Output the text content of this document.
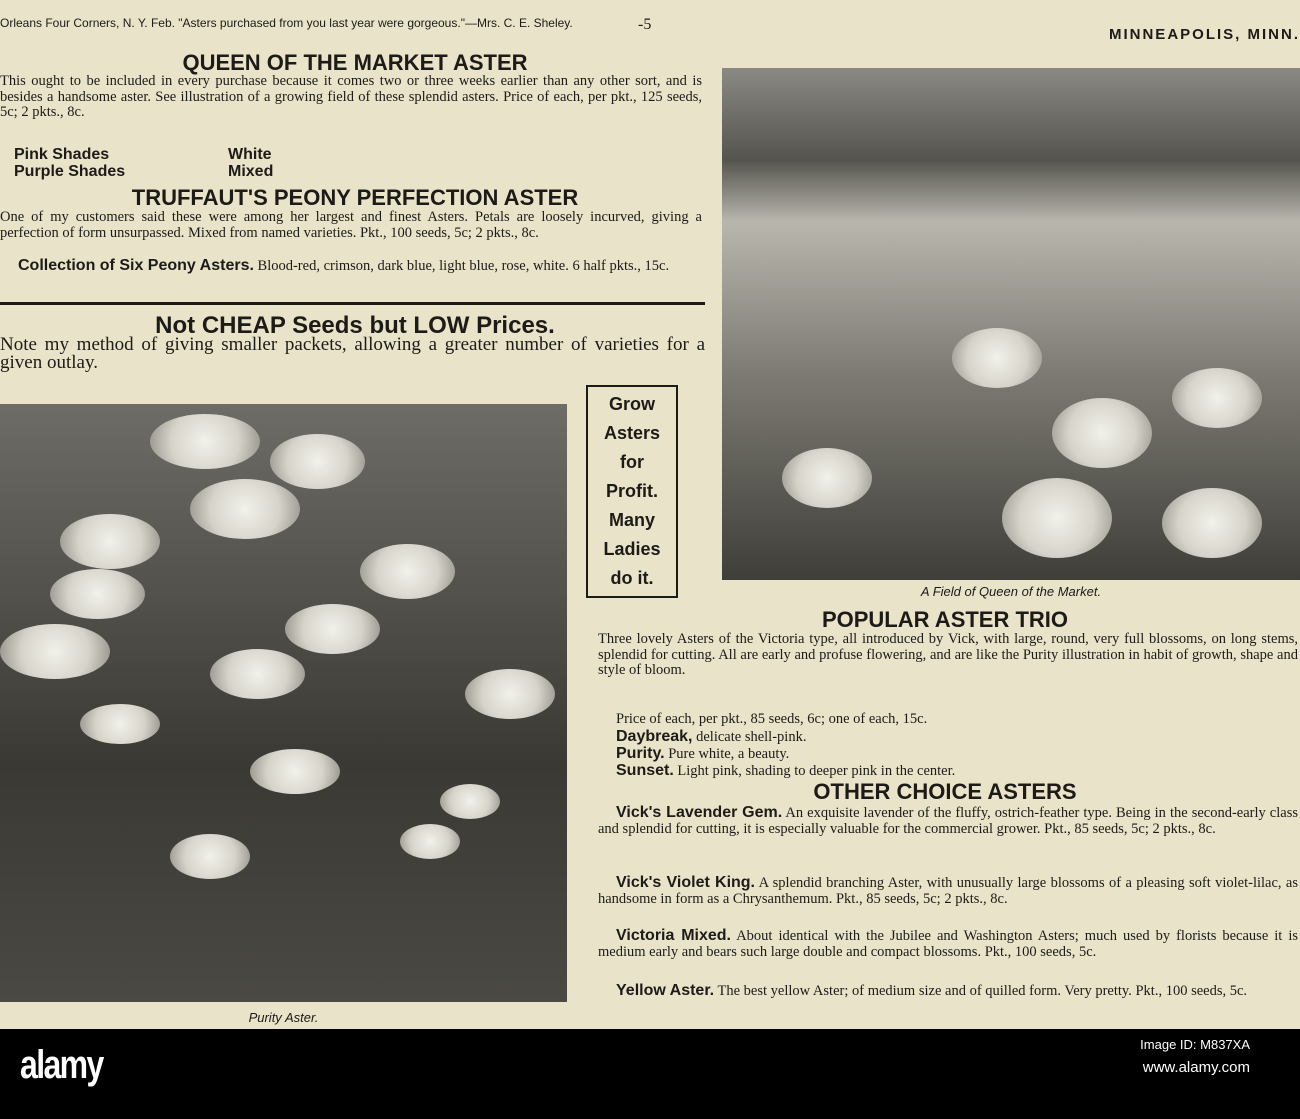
Orleans Four Corners, N. Y. Feb. "Asters purchased from you last year were gorgeous."—Mrs. C. E. Sheley.	-5
MINNEAPOLIS, MINN.
QUEEN OF THE MARKET ASTER
This ought to be included in every purchase because it comes two or three weeks earlier than any other sort, and is besides a handsome aster. See illustration of a growing field of these splendid asters. Price of each, per pkt., 125 seeds, 5c; 2 pkts., 8c.
Pink Shades	White
Purple Shades	Mixed
TRUFFAUT'S PEONY PERFECTION ASTER
One of my customers said these were among her largest and finest Asters. Petals are loosely incurved, giving a perfection of form unsurpassed. Mixed from named varieties. Pkt., 100 seeds, 5c; 2 pkts., 8c.
Collection of Six Peony Asters. Blood-red, crimson, dark blue, light blue, rose, white. 6 half pkts., 15c.
Not CHEAP Seeds but LOW Prices.
Note my method of giving smaller packets, allowing a greater number of varieties for a given outlay.
Grow
Asters
for
Profit.
Many
Ladies
do it.
Purity Aster.
A Field of Queen of the Market.
POPULAR ASTER TRIO
Three lovely Asters of the Victoria type, all introduced by Vick, with large, round, very full blossoms, on long stems, splendid for cutting. All are early and profuse flowering, and are like the Purity illustration in habit of growth, shape and style of bloom.
Price of each, per pkt., 85 seeds, 6c; one of each, 15c.
Daybreak, delicate shell-pink.
Purity. Pure white, a beauty.
Sunset. Light pink, shading to deeper pink in the center.
OTHER CHOICE ASTERS
Vick's Lavender Gem. An exquisite lavender of the fluffy, ostrich-feather type. Being in the second-early class and splendid for cutting, it is especially valuable for the commercial grower. Pkt., 85 seeds, 5c; 2 pkts., 8c.
Vick's Violet King. A splendid branching Aster, with unusually large blossoms of a pleasing soft violet-lilac, as handsome in form as a Chrysanthemum. Pkt., 85 seeds, 5c; 2 pkts., 8c.
Victoria Mixed. About identical with the Jubilee and Washington Asters; much used by florists because it is medium early and bears such large double and compact blossoms. Pkt., 100 seeds, 5c.
Yellow Aster. The best yellow Aster; of medium size and of quilled form. Very pretty. Pkt., 100 seeds, 5c.
alamy	Image ID: M837XA
www.alamy.com
